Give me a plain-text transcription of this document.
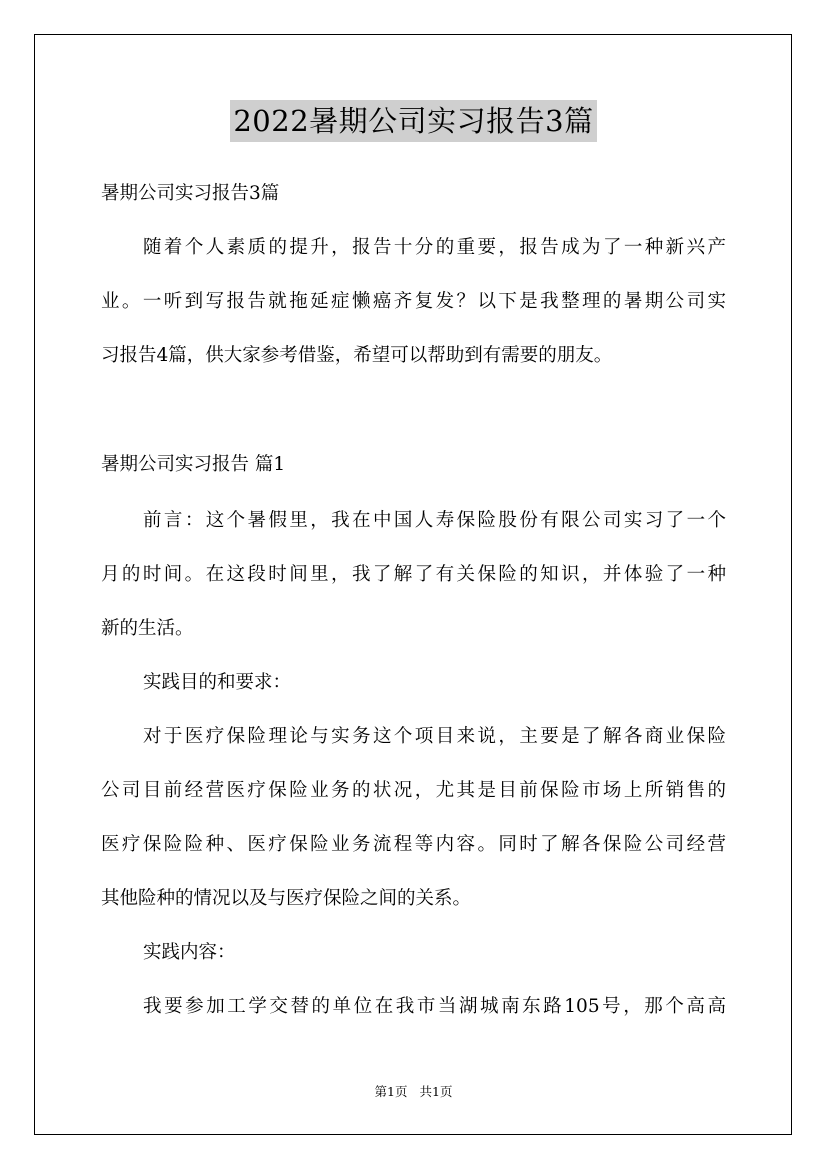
2022暑期公司实习报告3篇
暑期公司实习报告3篇
随着个人素质的提升，报告十分的重要，报告成为了一种新兴产
业。一听到写报告就拖延症懒癌齐复发？以下是我整理的暑期公司实
习报告4篇，供大家参考借鉴，希望可以帮助到有需要的朋友。
暑期公司实习报告 篇1
前言：这个暑假里，我在中国人寿保险股份有限公司实习了一个
月的时间。在这段时间里，我了解了有关保险的知识，并体验了一种
新的生活。
实践目的和要求：
对于医疗保险理论与实务这个项目来说，主要是了解各商业保险
公司目前经营医疗保险业务的状况，尤其是目前保险市场上所销售的
医疗保险险种、医疗保险业务流程等内容。同时了解各保险公司经营
其他险种的情况以及与医疗保险之间的关系。
实践内容：
我要参加工学交替的单位在我市当湖城南东路105号，那个高高
第1页 共1页
